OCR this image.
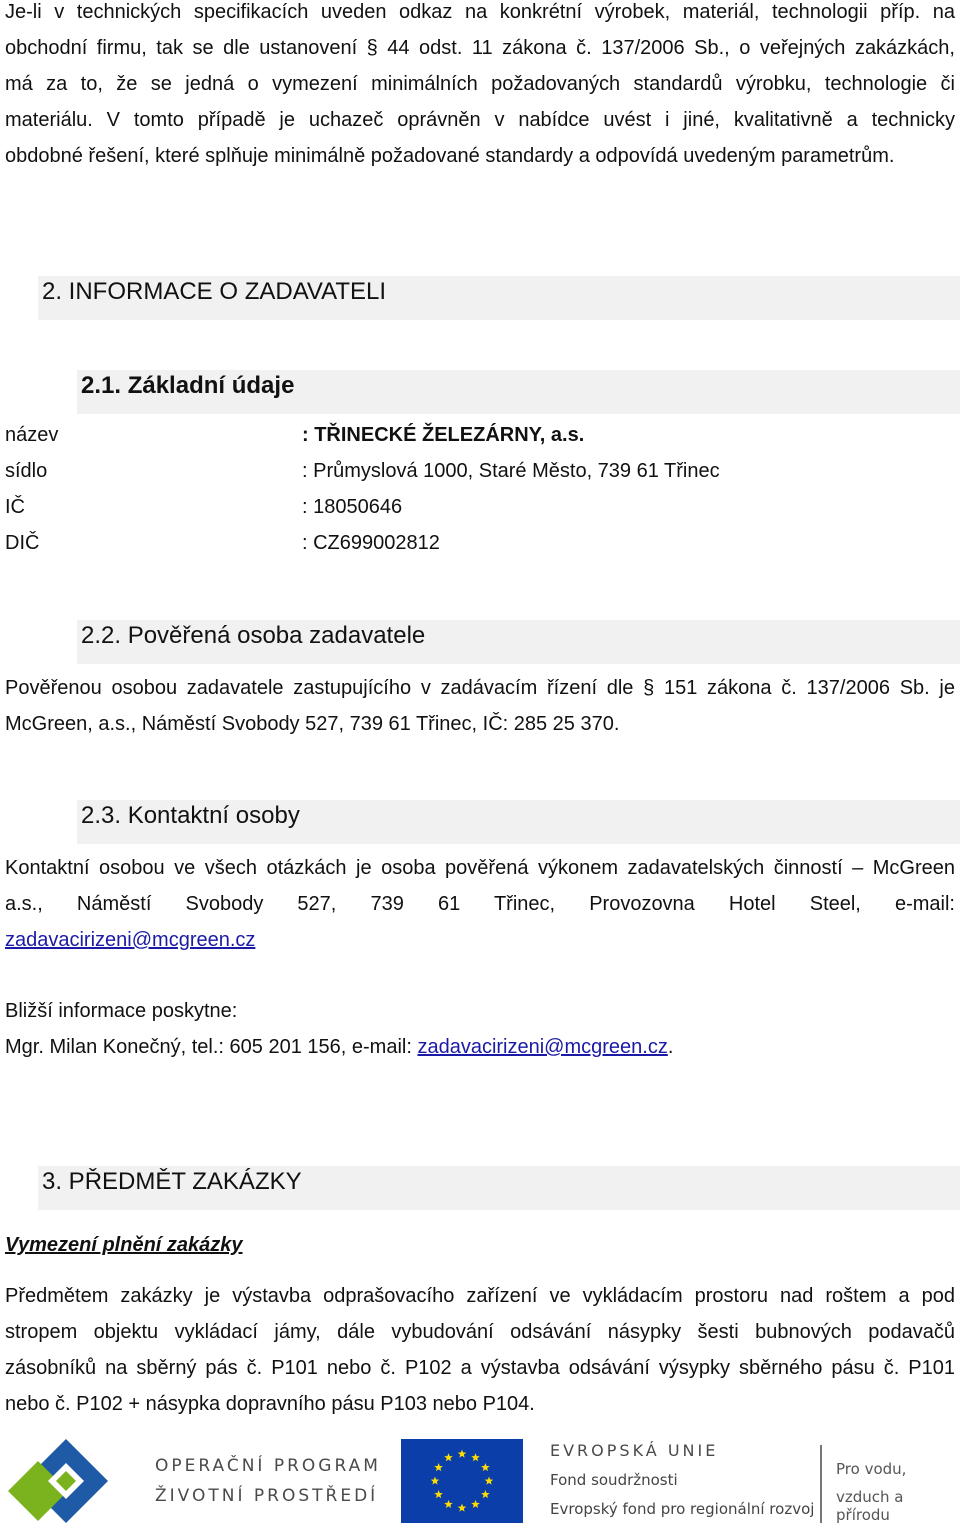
Je-li v technických specifikacích uveden odkaz na konkrétní výrobek, materiál, technologii příp. na
obchodní firmu, tak se dle ustanovení § 44 odst. 11 zákona č. 137/2006 Sb., o veřejných zakázkách,
má za to, že se jedná o vymezení minimálních požadovaných standardů výrobku, technologie či
materiálu. V tomto případě je uchazeč oprávněn v nabídce uvést i jiné, kvalitativně a technicky
obdobné řešení, které splňuje minimálně požadované standardy a odpovídá uvedeným parametrům.
2. INFORMACE O ZADAVATELI
2.1. Základní údaje
název	: TŘINECKÉ ŽELEZÁRNY, a.s.
sídlo	: Průmyslová 1000, Staré Město, 739 61 Třinec
IČ	: 18050646
DIČ	: CZ699002812
2.2. Pověřená osoba zadavatele
Pověřenou osobou zadavatele zastupujícího v zadávacím řízení dle § 151 zákona č. 137/2006 Sb. je
McGreen, a.s., Náměstí Svobody 527, 739 61 Třinec, IČ: 285 25 370.
2.3. Kontaktní osoby
Kontaktní osobou ve všech otázkách je osoba pověřená výkonem zadavatelských činností – McGreen
a.s., Náměstí Svobody 527, 739 61 Třinec, Provozovna Hotel Steel, e-mail:
zadavacirizeni@mcgreen.cz
Bližší informace poskytne:
Mgr. Milan Konečný, tel.: 605 201 156, e-mail: zadavacirizeni@mcgreen.cz.
3. PŘEDMĚT ZAKÁZKY
Vymezení plnění zakázky
Předmětem zakázky je výstavba odprašovacího zařízení ve vykládacím prostoru nad roštem a pod
stropem objektu vykládací jámy, dále vybudování odsávání násypky šesti bubnových podavačů
zásobníků na sběrný pás č. P101 nebo č. P102 a výstavba odsávání výsypky sběrného pásu č. P101
nebo č. P102 + násypka dopravního pásu P103 nebo P104.
OPERAČNÍ PROGRAM
ŽIVOTNÍ PROSTŘEDÍ
EVROPSKÁ UNIE
Fond soudržnosti
Evropský fond pro regionální rozvoj
Pro vodu,
vzduch a přírodu
